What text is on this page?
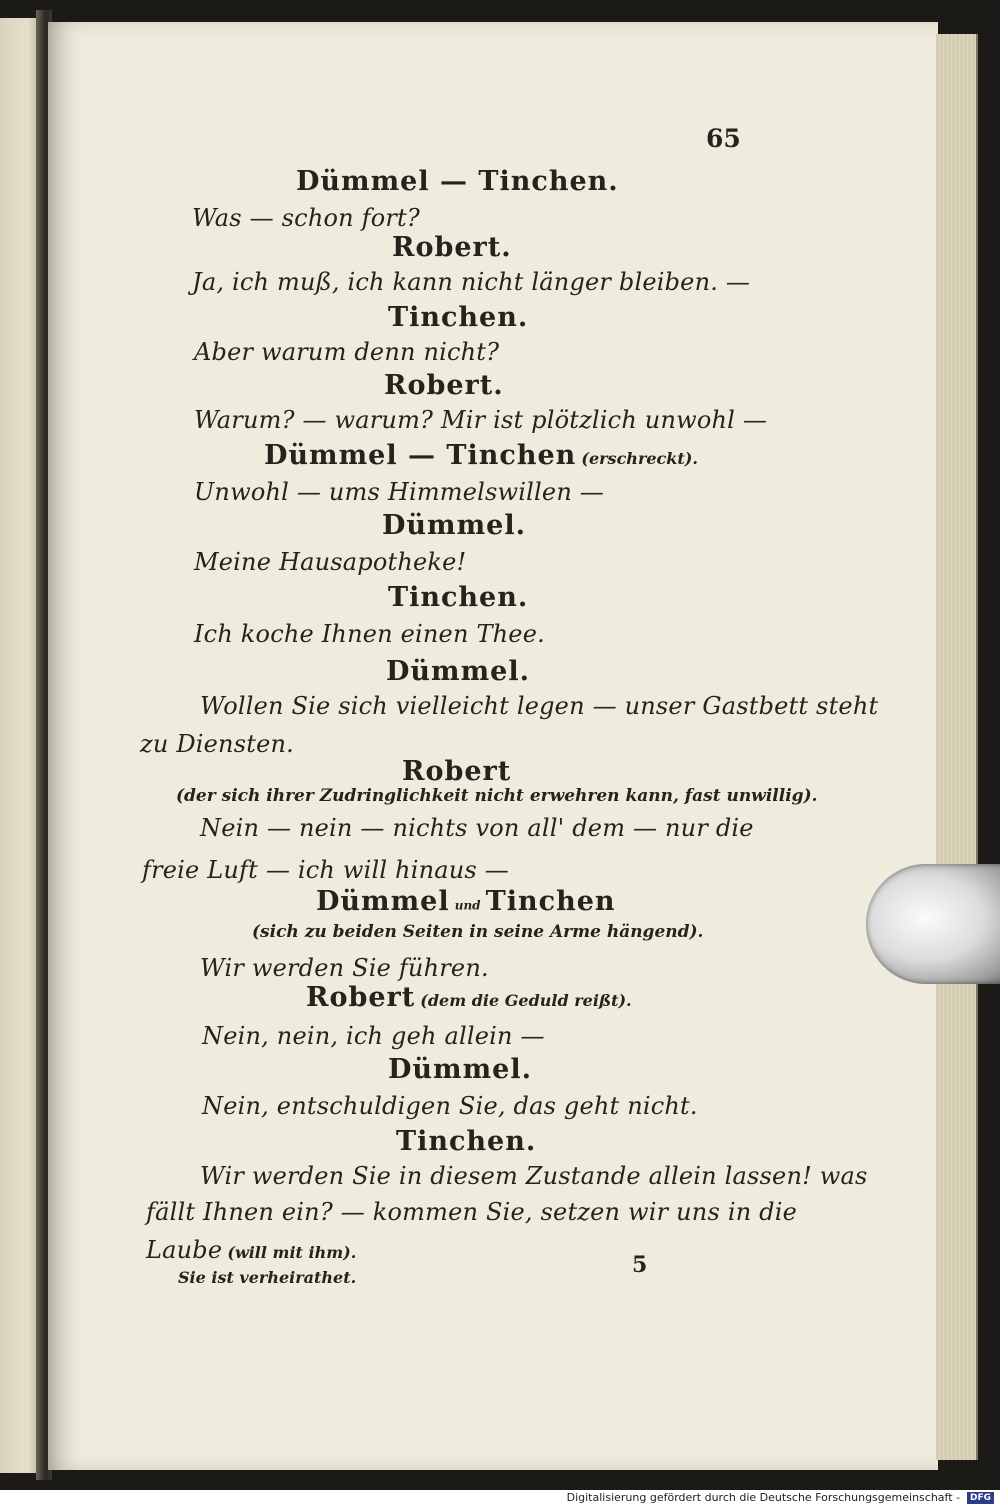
65

Dümmel — Tinchen.

Was — schon fort?

Robert.

Ja, ich muß, ich kann nicht länger bleiben. —

Tinchen.

Aber warum denn nicht?

Robert.

Warum? — warum? Mir ist plötzlich unwohl —

Dümmel — Tinchen (erschreckt).

Unwohl — ums Himmelswillen —

Dümmel.

Meine Hausapotheke!

Tinchen.

Ich koche Ihnen einen Thee.

Dümmel.

Wollen Sie sich vielleicht legen — unser Gastbett steht

zu Diensten.

Robert

(der sich ihrer Zudringlichkeit nicht erwehren kann, fast unwillig).

Nein — nein — nichts von all' dem — nur die

freie Luft — ich will hinaus —

Dümmel und Tinchen

(sich zu beiden Seiten in seine Arme hängend).

Wir werden Sie führen.

Robert (dem die Geduld reißt).

Nein, nein, ich geh allein —

Dümmel.

Nein, entschuldigen Sie, das geht nicht.

Tinchen.

Wir werden Sie in diesem Zustande allein lassen! was

fällt Ihnen ein? — kommen Sie, setzen wir uns in die

Laube (will mit ihm).

Sie ist verheirathet.	5

Digitalisierung gefördert durch die Deutsche Forschungsgemeinschaft -	DFG
